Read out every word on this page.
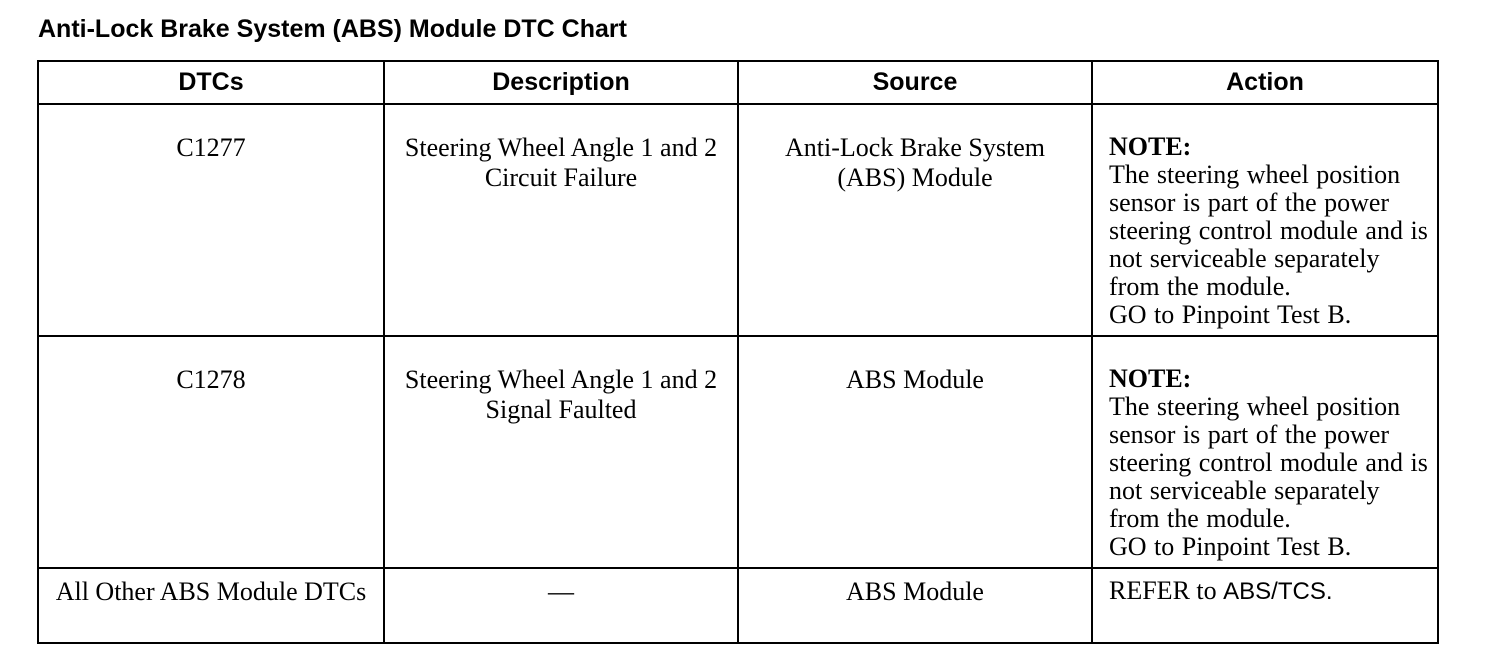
Anti-Lock Brake System (ABS) Module DTC Chart
DTCs	Description	Source	Action

C1277	Steering Wheel Angle 1 and 2 Circuit Failure	Anti-Lock Brake System (ABS) Module	NOTE:
The steering wheel position sensor is part of the power steering control module and is not serviceable separately from the module.
GO to Pinpoint Test B.

C1278	Steering Wheel Angle 1 and 2 Signal Faulted	ABS Module	NOTE:
The steering wheel position sensor is part of the power steering control module and is not serviceable separately from the module.
GO to Pinpoint Test B.

All Other ABS Module DTCs	—	ABS Module	REFER to ABS/TCS.
